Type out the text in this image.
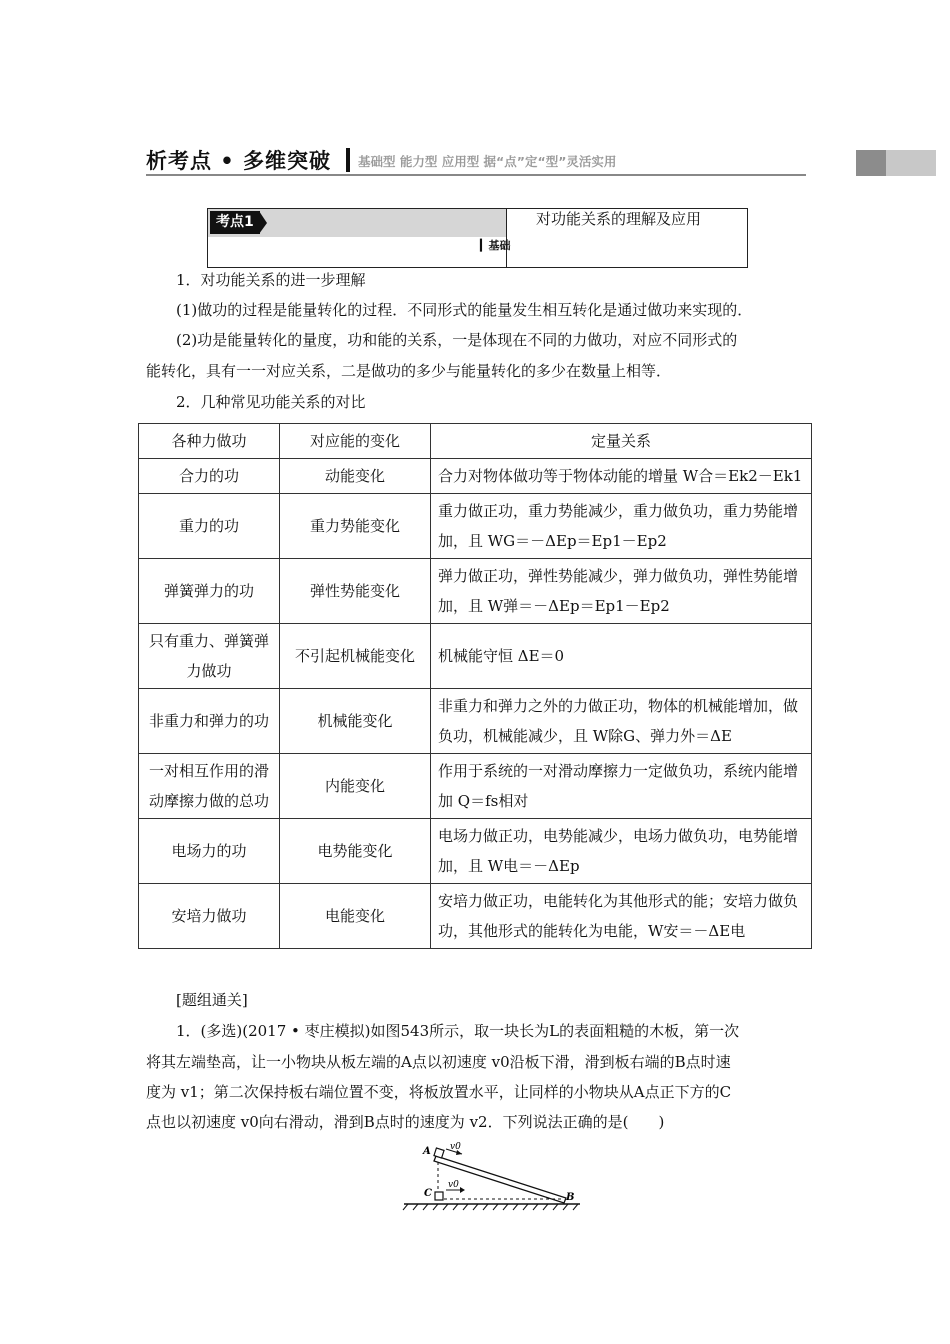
析考点 • 多维突破 基础型 能力型 应用型 据“点”定“型”灵活实用
考点1
▎基础
对功能关系的理解及应用

1．对功能关系的进一步理解

(1)做功的过程是能量转化的过程．不同形式的能量发生相互转化是通过做功来实现的．

(2)功是能量转化的量度，功和能的关系，一是体现在不同的力做功，对应不同形式的

能转化，具有一一对应关系，二是做功的多少与能量转化的多少在数量上相等．

2．几种常见功能关系的对比

各种力做功	对应能的变化	定量关系
合力的功	动能变化	合力对物体做功等于物体动能的增量 W合＝Ek2－Ek1
重力的功	重力势能变化	重力做正功，重力势能减少，重力做负功，重力势能增加，且 WG＝－ΔEp＝Ep1－Ep2
弹簧弹力的功	弹性势能变化	弹力做正功，弹性势能减少，弹力做负功，弹性势能增加，且 W弹＝－ΔEp＝Ep1－Ep2
只有重力、弹簧弹力做功	不引起机械能变化	机械能守恒 ΔE＝0
非重力和弹力的功	机械能变化	非重力和弹力之外的力做正功，物体的机械能增加，做负功，机械能减少，且 W除G、弹力外＝ΔE
一对相互作用的滑动摩擦力做的总功	内能变化	作用于系统的一对滑动摩擦力一定做负功，系统内能增加 Q＝fs相对
电场力的功	电势能变化	电场力做正功，电势能减少，电场力做负功，电势能增加，且 W电＝－ΔEp
安培力做功	电能变化	安培力做正功，电能转化为其他形式的能；安培力做负功，其他形式的能转化为电能，W安＝－ΔE电

[题组通关]

1．(多选)(2017 • 枣庄模拟)如图543所示，取一块长为L的表面粗糙的木板，第一次

将其左端垫高，让一小物块从板左端的A点以初速度 v0沿板下滑，滑到板右端的B点时速

度为 v1；第二次保持板右端位置不变，将板放置水平，让同样的小物块从A点正下方的C

点也以初速度 v0向右滑动，滑到B点时的速度为 v2．下列说法正确的是(　　)

A v0
C
v0
B
